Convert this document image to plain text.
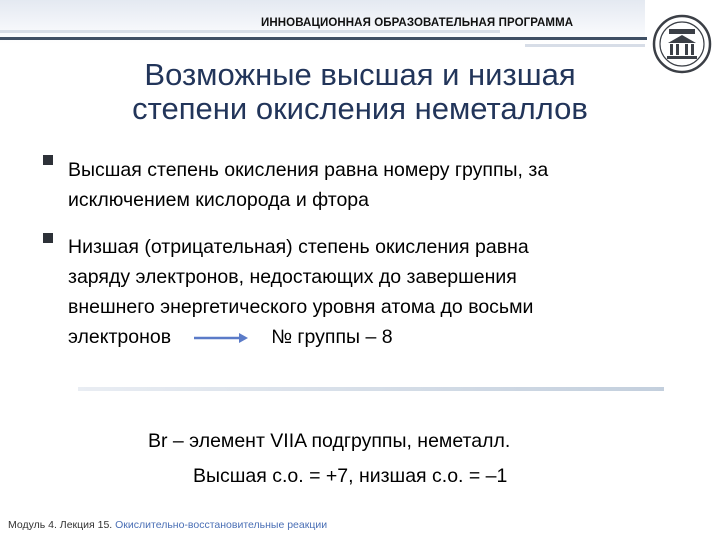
ИННОВАЦИОННАЯ ОБРАЗОВАТЕЛЬНАЯ ПРОГРАММА
Возможные высшая и низшая
степени окисления неметаллов
Высшая степень окисления равна номеру группы, за
исключением кислорода и фтора
Низшая (отрицательная) степень окисления равна
заряду электронов, недостающих до завершения
внешнего энергетического уровня атома до восьми
электронов	№ группы – 8
Br – элемент VIIA подгруппы, неметалл.
Высшая с.о. = +7, низшая с.о. = –1
Модуль 4. Лекция 15. Окислительно-восстановительные реакции
